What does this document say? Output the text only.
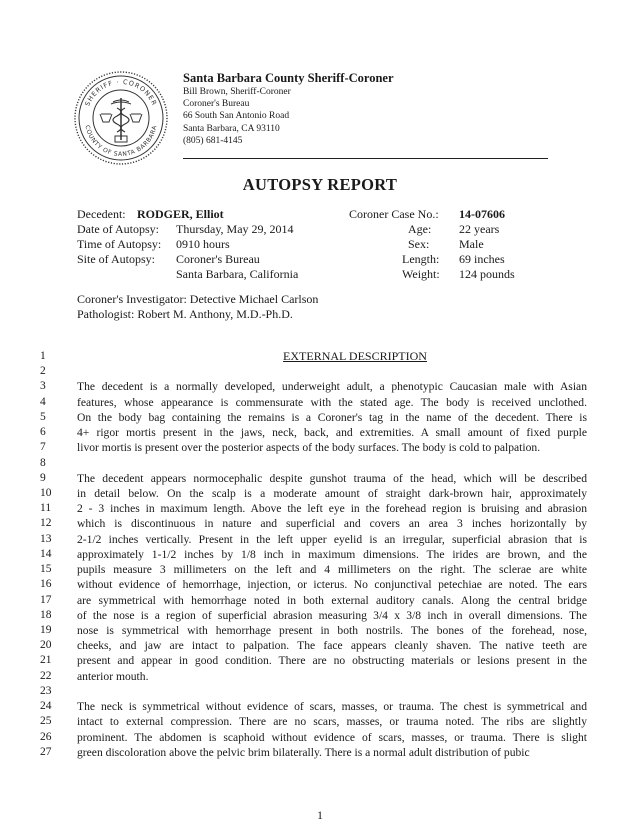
SHERIFF · CORONER
COUNTY OF SANTA BARBARA
Santa Barbara County Sheriff-Coroner
Bill Brown, Sheriff-Coroner
Coroner's Bureau
66 South San Antonio Road
Santa Barbara, CA 93110
(805) 681-4145
AUTOPSY REPORT
Decedent: RODGER, Elliot
Date of Autopsy: Thursday, May 29, 2014
Time of Autopsy: 0910 hours
Site of Autopsy: Coroner's Bureau
Santa Barbara, California
Coroner Case No.: 14-07606
Age: 22 years
Sex: Male
Length: 69 inches
Weight: 124 pounds
Coroner's Investigator: Detective Michael Carlson
Pathologist: Robert M. Anthony, M.D.-Ph.D.
EXTERNAL DESCRIPTION
1
2
3	The decedent is a normally developed, underweight adult, a phenotypic Caucasian male with Asian
4	features, whose appearance is commensurate with the stated age. The body is received unclothed.
5	On the body bag containing the remains is a Coroner's tag in the name of the decedent. There is
6	4+ rigor mortis present in the jaws, neck, back, and extremities. A small amount of fixed purple
7	livor mortis is present over the posterior aspects of the body surfaces. The body is cold to palpation.
8
9	The decedent appears normocephalic despite gunshot trauma of the head, which will be described
10	in detail below. On the scalp is a moderate amount of straight dark-brown hair, approximately
11	2 - 3 inches in maximum length. Above the left eye in the forehead region is bruising and abrasion
12	which is discontinuous in nature and superficial and covers an area 3 inches horizontally by
13	2-1/2 inches vertically. Present in the left upper eyelid is an irregular, superficial abrasion that is
14	approximately 1-1/2 inches by 1/8 inch in maximum dimensions. The irides are brown, and the
15	pupils measure 3 millimeters on the left and 4 millimeters on the right. The sclerae are white
16	without evidence of hemorrhage, injection, or icterus. No conjunctival petechiae are noted. The ears
17	are symmetrical with hemorrhage noted in both external auditory canals. Along the central bridge
18	of the nose is a region of superficial abrasion measuring 3/4 x 3/8 inch in overall dimensions. The
19	nose is symmetrical with hemorrhage present in both nostrils. The bones of the forehead, nose,
20	cheeks, and jaw are intact to palpation. The face appears cleanly shaven. The native teeth are
21	present and appear in good condition. There are no obstructing materials or lesions present in the
22	anterior mouth.
23
24	The neck is symmetrical without evidence of scars, masses, or trauma. The chest is symmetrical and
25	intact to external compression. There are no scars, masses, or trauma noted. The ribs are slightly
26	prominent. The abdomen is scaphoid without evidence of scars, masses, or trauma. There is slight
27	green discoloration above the pelvic brim bilaterally. There is a normal adult distribution of pubic
1
